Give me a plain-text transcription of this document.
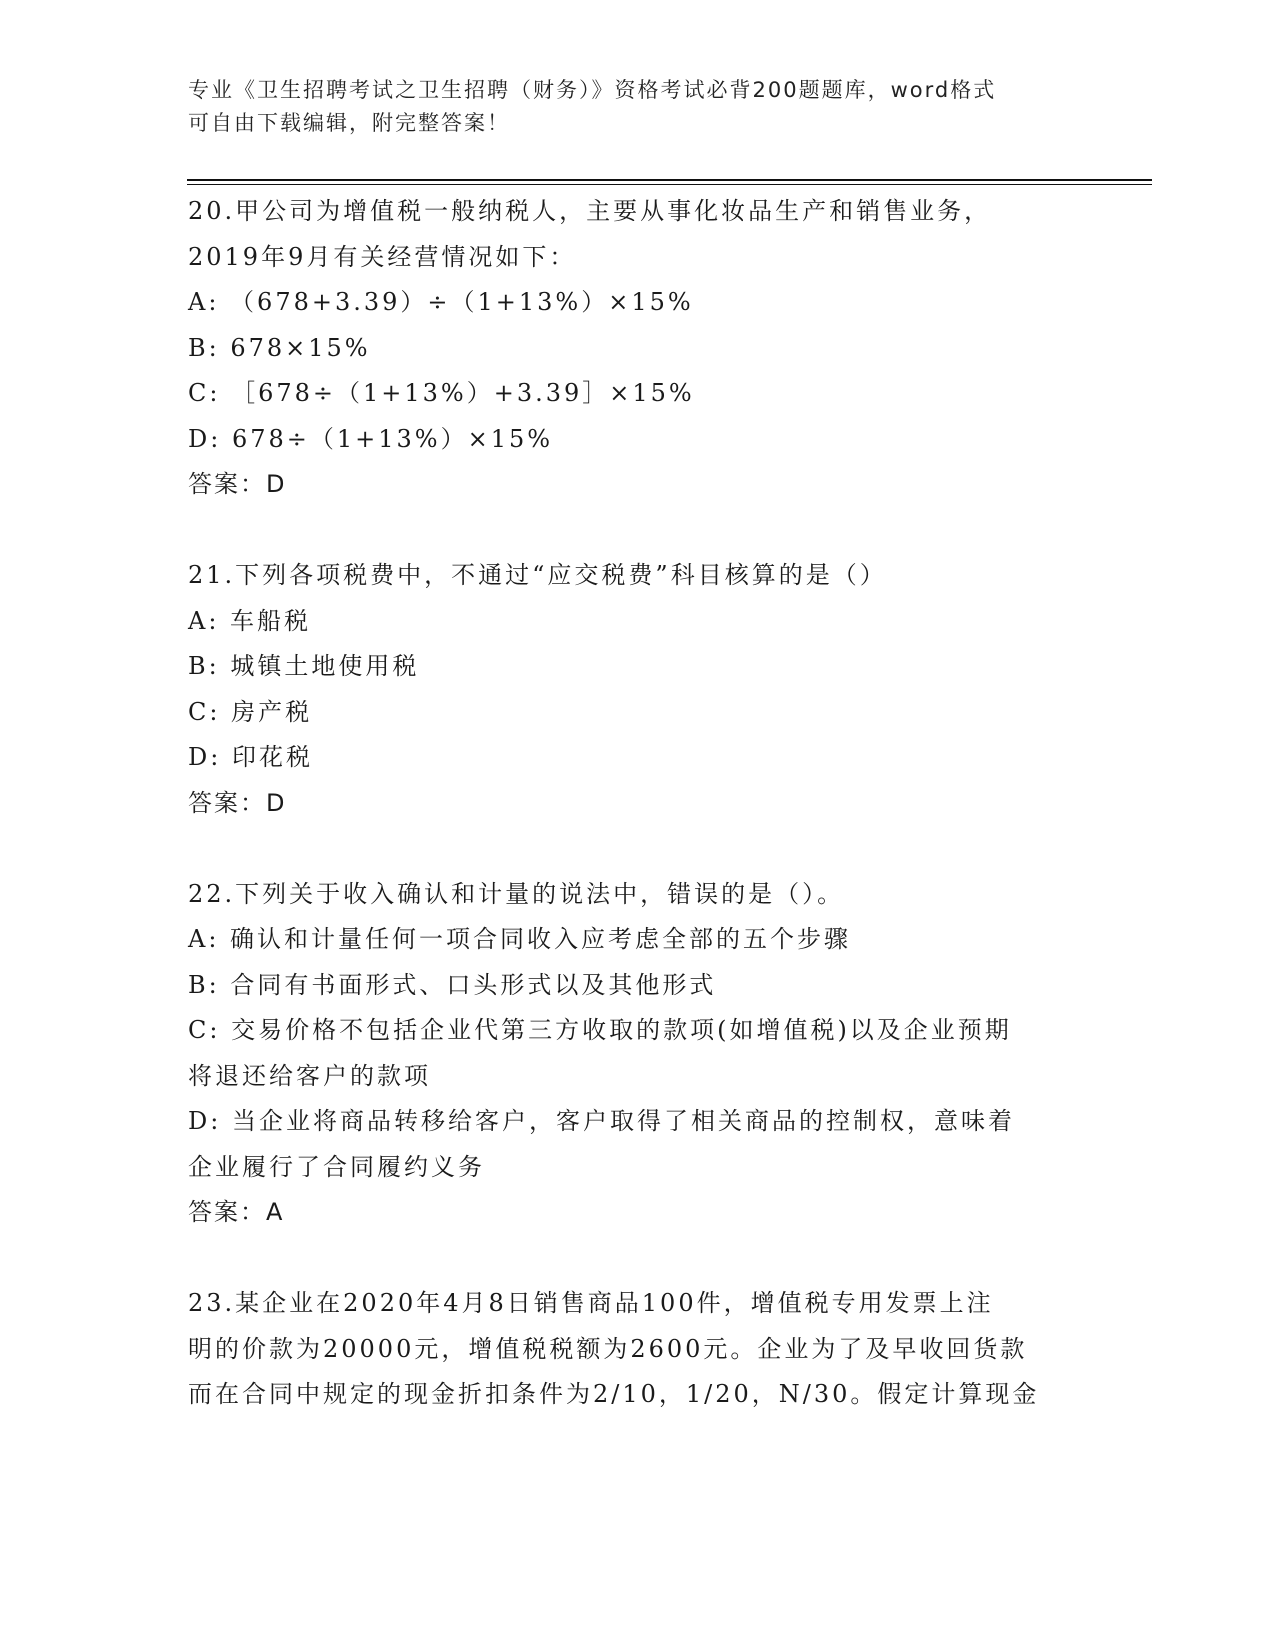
专业《卫生招聘考试之卫生招聘（财务）》资格考试必背200题题库，word格式
可自由下载编辑，附完整答案！
20.甲公司为增值税一般纳税人，主要从事化妆品生产和销售业务，
2019年9月有关经营情况如下：
A: （678+3.39）÷（1+13%）×15%
B: 678×15%
C: ［678÷（1+13%）+3.39］×15%
D: 678÷（1+13%）×15%
答案：D
21.下列各项税费中，不通过“应交税费”科目核算的是（）
A: 车船税
B: 城镇土地使用税
C: 房产税
D: 印花税
答案：D
22.下列关于收入确认和计量的说法中，错误的是（）。
A: 确认和计量任何一项合同收入应考虑全部的五个步骤
B: 合同有书面形式、口头形式以及其他形式
C: 交易价格不包括企业代第三方收取的款项(如增值税)以及企业预期
将退还给客户的款项
D: 当企业将商品转移给客户，客户取得了相关商品的控制权，意味着
企业履行了合同履约义务
答案：A
23.某企业在2020年4月8日销售商品100件，增值税专用发票上注
明的价款为20000元，增值税税额为2600元。企业为了及早收回货款
而在合同中规定的现金折扣条件为2/10，1/20，N/30。假定计算现金
